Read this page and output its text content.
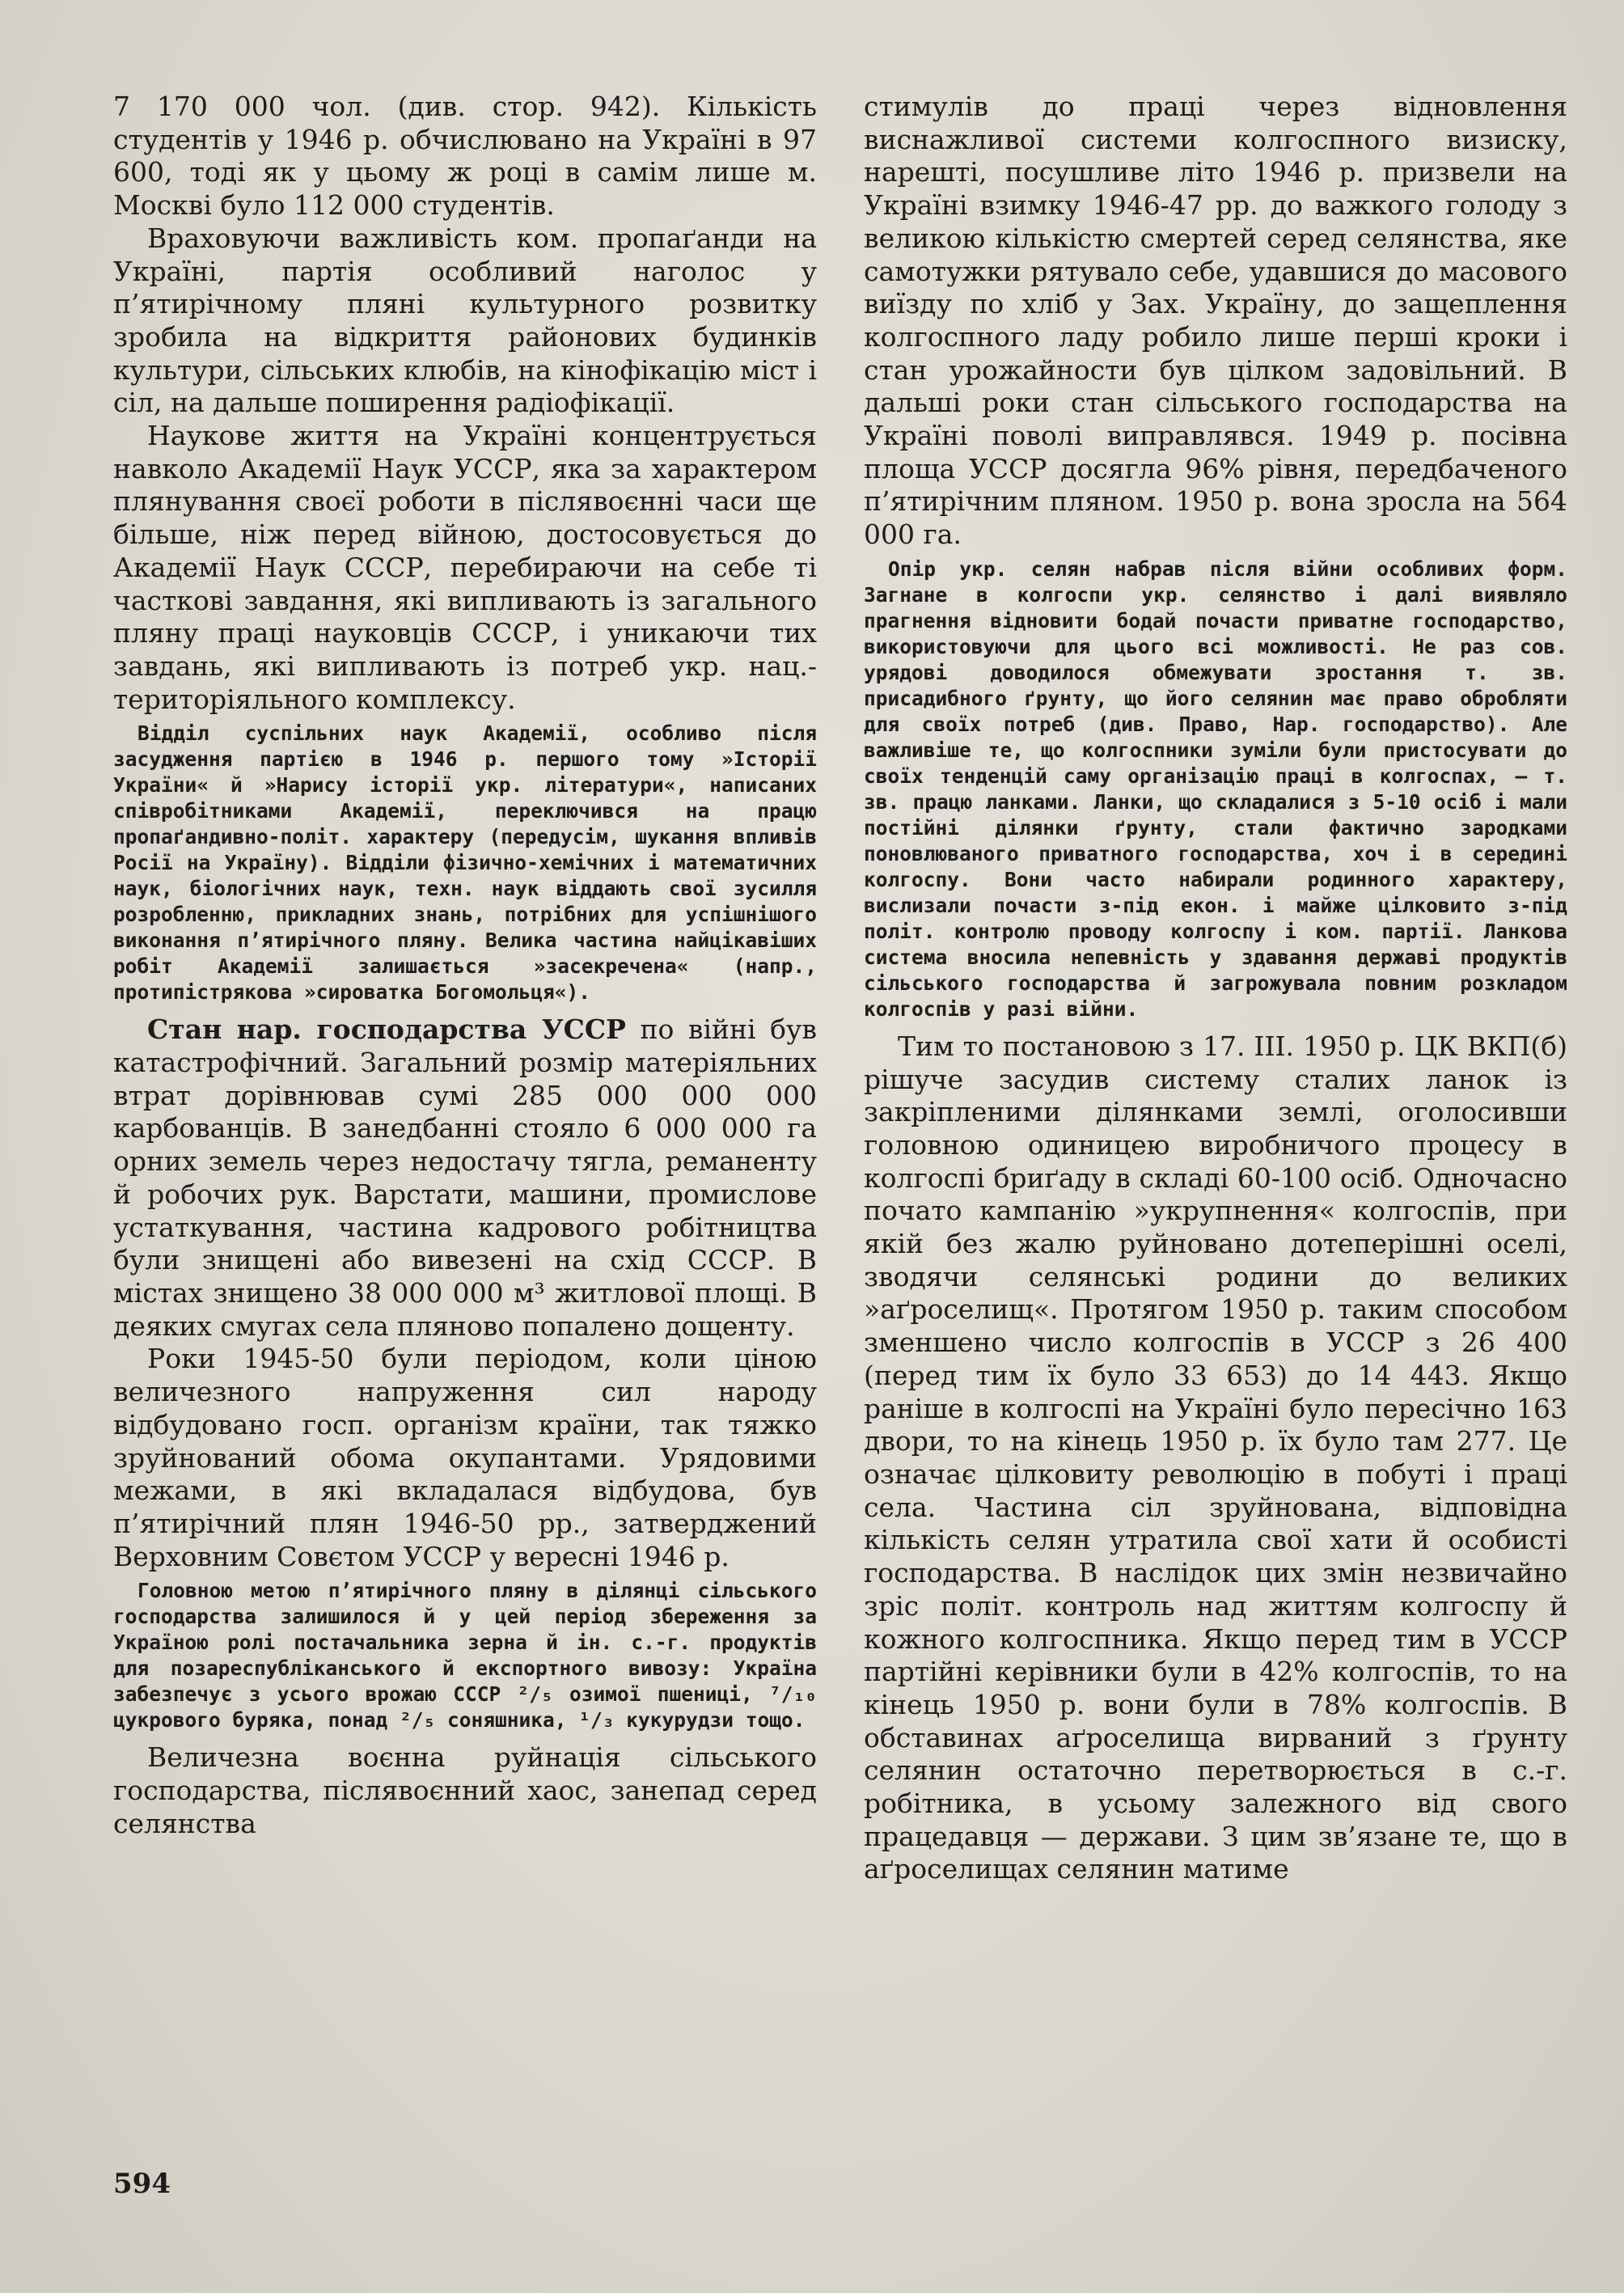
7 170 000 чол. (див. стор. 942). Кількість студентів у 1946 р. обчислювано на Україні в 97 600, тоді як у цьому ж році в самім лише м. Москві було 112 000 студентів.

Враховуючи важливість ком. пропаґанди на Україні, партія особливий наголос у п’ятирічному пляні культурного розвитку зробила на відкриття районових будинків культури, сільських клюбів, на кінофікацію міст і сіл, на дальше поширення радіофікації.

Наукове життя на Україні концентрується навколо Академії Наук УССР, яка за характером плянування своєї роботи в післявоєнні часи ще більше, ніж перед війною, достосовується до Академії Наук СССР, перебираючи на себе ті часткові завдання, які випливають із загального пляну праці науковців СССР, і уникаючи тих завдань, які випливають із потреб укр. нац.-територіяльного комплексу.

Відділ суспільних наук Академії, особливо після засудження партією в 1946 р. першого тому »Історії України« й »Нарису історії укр. літератури«, написаних співробітниками Академії, переключився на працю пропаґандивно-політ. характеру (передусім, шукання впливів Росії на Україну). Відділи фізично-хемічних і математичних наук, біологічних наук, техн. наук віддають свої зусилля розробленню, прикладних знань, потрібних для успішнішого виконання п’ятирічного пляну. Велика частина найцікавіших робіт Академії залишається »засекречена« (напр., протипістрякова »сироватка Богомольця«).

Стан нар. господарства УССР по війні був катастрофічний. Загальний розмір матеріяльних втрат дорівнював сумі 285 000 000 000 карбованців. В занедбанні стояло 6 000 000 га орних земель через недостачу тягла, реманенту й робочих рук. Варстати, машини, промислове устаткування, частина кадрового робітництва були знищені або вивезені на схід СССР. В містах знищено 38 000 000 м³ житлової площі. В деяких смугах села пляново попалено дощенту.

Роки 1945-50 були періодом, коли ціною величезного напруження сил народу відбудовано госп. організм країни, так тяжко зруйнований обома окупантами. Урядовими межами, в які вкладалася відбудова, був п’ятирічний плян 1946-50 рр., затверджений Верховним Совєтом УССР у вересні 1946 р.

Головною метою п’ятирічного пляну в ділянці сільського господарства залишилося й у цей період збереження за Україною ролі постачальника зерна й ін. с.-г. продуктів для позареспубліканського й експортного вивозу: Україна забезпечує з усього врожаю СССР ²/₅ озимої пшениці, ⁷/₁₀ цукрового буряка, понад ²/₅ соняшника, ¹/₃ кукурудзи тощо.

Величезна воєнна руйнація сільського господарства, післявоєнний хаос, занепад серед селянства

стимулів до праці через відновлення виснажливої системи колгоспного визиску, нарешті, посушливе літо 1946 р. призвели на Україні взимку 1946-47 рр. до важкого голоду з великою кількістю смертей серед селянства, яке самотужки рятувало себе, удавшися до масового виїзду по хліб у Зах. Україну, до защеплення колгоспного ладу робило лише перші кроки і стан урожайности був цілком задовільний. В дальші роки стан сільського господарства на Україні поволі виправлявся. 1949 р. посівна площа УССР досягла 96% рівня, передбаченого п’ятирічним пляном. 1950 р. вона зросла на 564 000 га.

Опір укр. селян набрав після війни особливих форм. Загнане в колгоспи укр. селянство і далі виявляло прагнення відновити бодай почасти приватне господарство, використовуючи для цього всі можливості. Не раз сов. урядові доводилося обмежувати зростання т. зв. присадибного ґрунту, що його селянин має право обробляти для своїх потреб (див. Право, Нар. господарство). Але важливіше те, що колгоспники зуміли були пристосувати до своїх тенденцій саму організацію праці в колгоспах, — т. зв. працю ланками. Ланки, що складалися з 5-10 осіб і мали постійні ділянки ґрунту, стали фактично зародками поновлюваного приватного господарства, хоч і в середині колгоспу. Вони часто набирали родинного характеру, вислизали почасти з-під екон. і майже цілковито з-під політ. контролю проводу колгоспу і ком. партії. Ланкова система вносила непевність у здавання державі продуктів сільського господарства й загрожувала повним розкладом колгоспів у разі війни.

Тим то постановою з 17. III. 1950 р. ЦК ВКП(б) рішуче засудив систему сталих ланок із закріпленими ділянками землі, оголосивши головною одиницею виробничого процесу в колгоспі бриґаду в складі 60-100 осіб. Одночасно почато кампанію »укрупнення« колгоспів, при якій без жалю руйновано дотеперішні оселі, зводячи селянські родини до великих »аґроселищ«. Протягом 1950 р. таким способом зменшено число колгоспів в УССР з 26 400 (перед тим їх було 33 653) до 14 443. Якщо раніше в колгоспі на Україні було пересічно 163 двори, то на кінець 1950 р. їх було там 277. Це означає цілковиту революцію в побуті і праці села. Частина сіл зруйнована, відповідна кількість селян утратила свої хати й особисті господарства. В наслідок цих змін незвичайно зріс політ. контроль над життям колгоспу й кожного колгоспника. Якщо перед тим в УССР партійні керівники були в 42% колгоспів, то на кінець 1950 р. вони були в 78% колгоспів. В обставинах аґроселища вирваний з ґрунту селянин остаточно перетворюється в с.-г. робітника, в усьому залежного від свого працедавця — держави. З цим зв’язане те, що в аґроселищах селянин матиме

594
